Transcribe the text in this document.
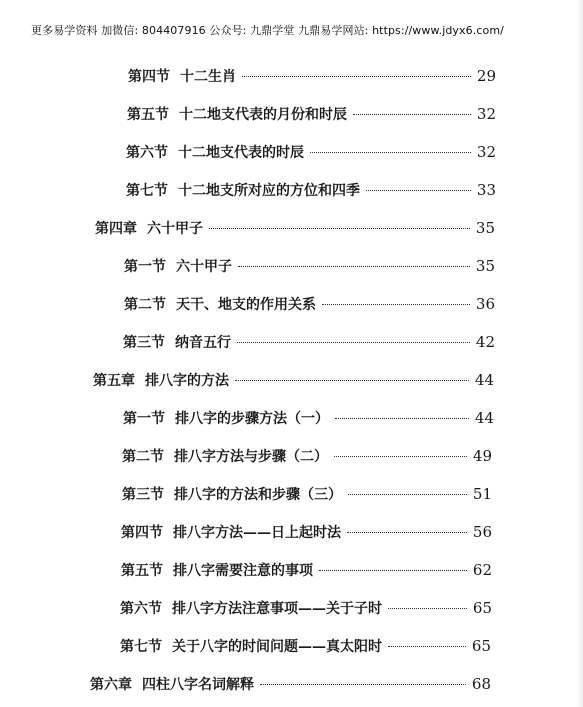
更多易学资料 加微信: 804407916 公众号: 九鼎学堂 九鼎易学网站: https://www.jdyx6.com/
第四节 十二生肖	29
第五节 十二地支代表的月份和时辰	32
第六节 十二地支代表的时辰	32
第七节 十二地支所对应的方位和四季	33
第四章 六十甲子	35
第一节 六十甲子	35
第二节 天干、地支的作用关系	36
第三节 纳音五行	42
第五章 排八字的方法	44
第一节 排八字的步骤方法（一）	44
第二节 排八字方法与步骤（二）	49
第三节 排八字的方法和步骤（三）	51
第四节 排八字方法——日上起时法	56
第五节 排八字需要注意的事项	62
第六节 排八字方法注意事项——关于子时	65
第七节 关于八字的时间问题——真太阳时	65
第六章 四柱八字名词解释	68
